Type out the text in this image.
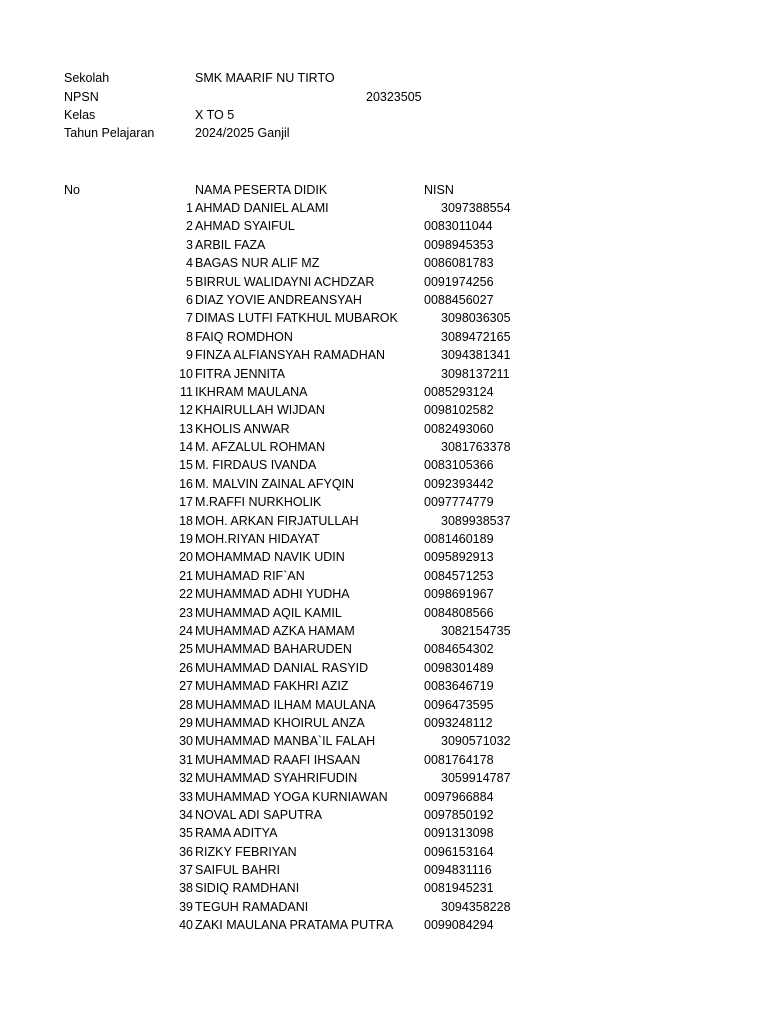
Sekolah	SMK MAARIF NU TIRTO
NPSN	20323505
Kelas	X TO 5
Tahun Pelajaran	2024/2025 Ganjil
No	NAMA PESERTA DIDIK	NISN
1 AHMAD DANIEL ALAMI	3097388554
2 AHMAD SYAIFUL	0083011044
3 ARBIL FAZA	0098945353
4 BAGAS NUR ALIF MZ	0086081783
5 BIRRUL WALIDAYNI ACHDZAR	0091974256
6 DIAZ YOVIE ANDREANSYAH	0088456027
7 DIMAS LUTFI FATKHUL MUBAROK	3098036305
8 FAIQ ROMDHON	3089472165
9 FINZA ALFIANSYAH RAMADHAN	3094381341
10 FITRA JENNITA	3098137211
11 IKHRAM MAULANA	0085293124
12 KHAIRULLAH WIJDAN	0098102582
13 KHOLIS ANWAR	0082493060
14 M. AFZALUL ROHMAN	3081763378
15 M. FIRDAUS IVANDA	0083105366
16 M. MALVIN ZAINAL AFYQIN	0092393442
17 M.RAFFI NURKHOLIK	0097774779
18 MOH. ARKAN FIRJATULLAH	3089938537
19 MOH.RIYAN HIDAYAT	0081460189
20 MOHAMMAD NAVIK UDIN	0095892913
21 MUHAMAD RIF`AN	0084571253
22 MUHAMMAD ADHI YUDHA	0098691967
23 MUHAMMAD AQIL KAMIL	0084808566
24 MUHAMMAD AZKA HAMAM	3082154735
25 MUHAMMAD BAHARUDEN	0084654302
26 MUHAMMAD DANIAL RASYID	0098301489
27 MUHAMMAD FAKHRI AZIZ	0083646719
28 MUHAMMAD ILHAM MAULANA	0096473595
29 MUHAMMAD KHOIRUL ANZA	0093248112
30 MUHAMMAD MANBA`IL FALAH	3090571032
31 MUHAMMAD RAAFI IHSAAN	0081764178
32 MUHAMMAD SYAHRIFUDIN	3059914787
33 MUHAMMAD YOGA KURNIAWAN	0097966884
34 NOVAL ADI SAPUTRA	0097850192
35 RAMA ADITYA	0091313098
36 RIZKY FEBRIYAN	0096153164
37 SAIFUL BAHRI	0094831116
38 SIDIQ RAMDHANI	0081945231
39 TEGUH RAMADANI	3094358228
40 ZAKI MAULANA PRATAMA PUTRA 0099084294
